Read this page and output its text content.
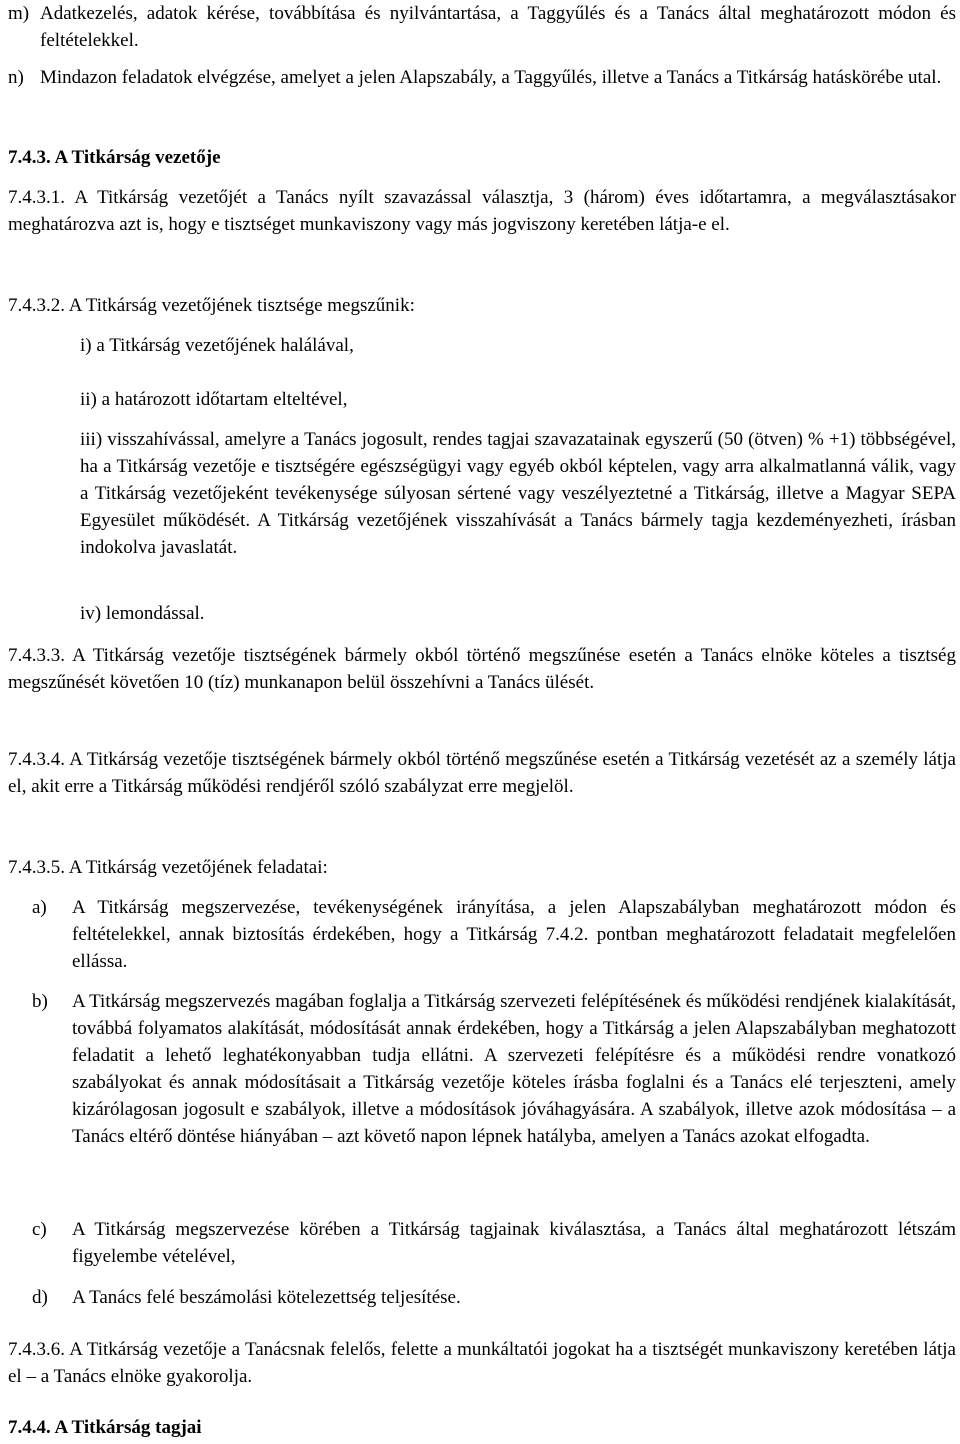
m) Adatkezelés, adatok kérése, továbbítása és nyilvántartása, a Taggyűlés és a Tanács által meghatározott módon és feltételekkel.
n) Mindazon feladatok elvégzése, amelyet a jelen Alapszabály, a Taggyűlés, illetve a Tanács a Titkárság hatáskörébe utal.

7.4.3. A Titkárság vezetője

7.4.3.1. A Titkárság vezetőjét a Tanács nyílt szavazással választja, 3 (három) éves időtartamra, a megválasztásakor meghatározva azt is, hogy e tisztséget munkaviszony vagy más jogviszony keretében látja-e el.

7.4.3.2. A Titkárság vezetőjének tisztsége megszűnik:

i) a Titkárság vezetőjének halálával,

ii) a határozott időtartam elteltével,

iii) visszahívással, amelyre a Tanács jogosult, rendes tagjai szavazatainak egyszerű (50 (ötven) % +1) többségével, ha a Titkárság vezetője e tisztségére egészségügyi vagy egyéb okból képtelen, vagy arra alkalmatlanná válik, vagy a Titkárság vezetőjeként tevékenysége súlyosan sértené vagy veszélyeztetné a Titkárság, illetve a Magyar SEPA Egyesület működését. A Titkárság vezetőjének visszahívását a Tanács bármely tagja kezdeményezheti, írásban indokolva javaslatát.

iv) lemondással.

7.4.3.3. A Titkárság vezetője tisztségének bármely okból történő megszűnése esetén a Tanács elnöke köteles a tisztség megszűnését követően 10 (tíz) munkanapon belül összehívni a Tanács ülését.

7.4.3.4. A Titkárság vezetője tisztségének bármely okból történő megszűnése esetén a Titkárság vezetését az a személy látja el, akit erre a Titkárság működési rendjéről szóló szabályzat erre megjelöl.

7.4.3.5. A Titkárság vezetőjének feladatai:

a)	A Titkárság megszervezése, tevékenységének irányítása, a jelen Alapszabályban meghatározott módon és feltételekkel, annak biztosítás érdekében, hogy a Titkárság 7.4.2. pontban meghatározott feladatait megfelelően ellássa.
b)	A Titkárság megszervezés magában foglalja a Titkárság szervezeti felépítésének és működési rendjének kialakítását, továbbá folyamatos alakítását, módosítását annak érdekében, hogy a Titkárság a jelen Alapszabályban meghatozott feladatit a lehető leghatékonyabban tudja ellátni. A szervezeti felépítésre és a működési rendre vonatkozó szabályokat és annak módosításait a Titkárság vezetője köteles írásba foglalni és a Tanács elé terjeszteni, amely kizárólagosan jogosult e szabályok, illetve a módosítások jóváhagyására. A szabályok, illetve azok módosítása – a Tanács eltérő döntése hiányában – azt követő napon lépnek hatályba, amelyen a Tanács azokat elfogadta.
c)	A Titkárság megszervezése körében a Titkárság tagjainak kiválasztása, a Tanács által meghatározott létszám figyelembe vételével,
d)	A Tanács felé beszámolási kötelezettség teljesítése.

7.4.3.6. A Titkárság vezetője a Tanácsnak felelős, felette a munkáltatói jogokat ha a tisztségét munkaviszony keretében látja el – a Tanács elnöke gyakorolja.

7.4.4. A Titkárság tagjai
